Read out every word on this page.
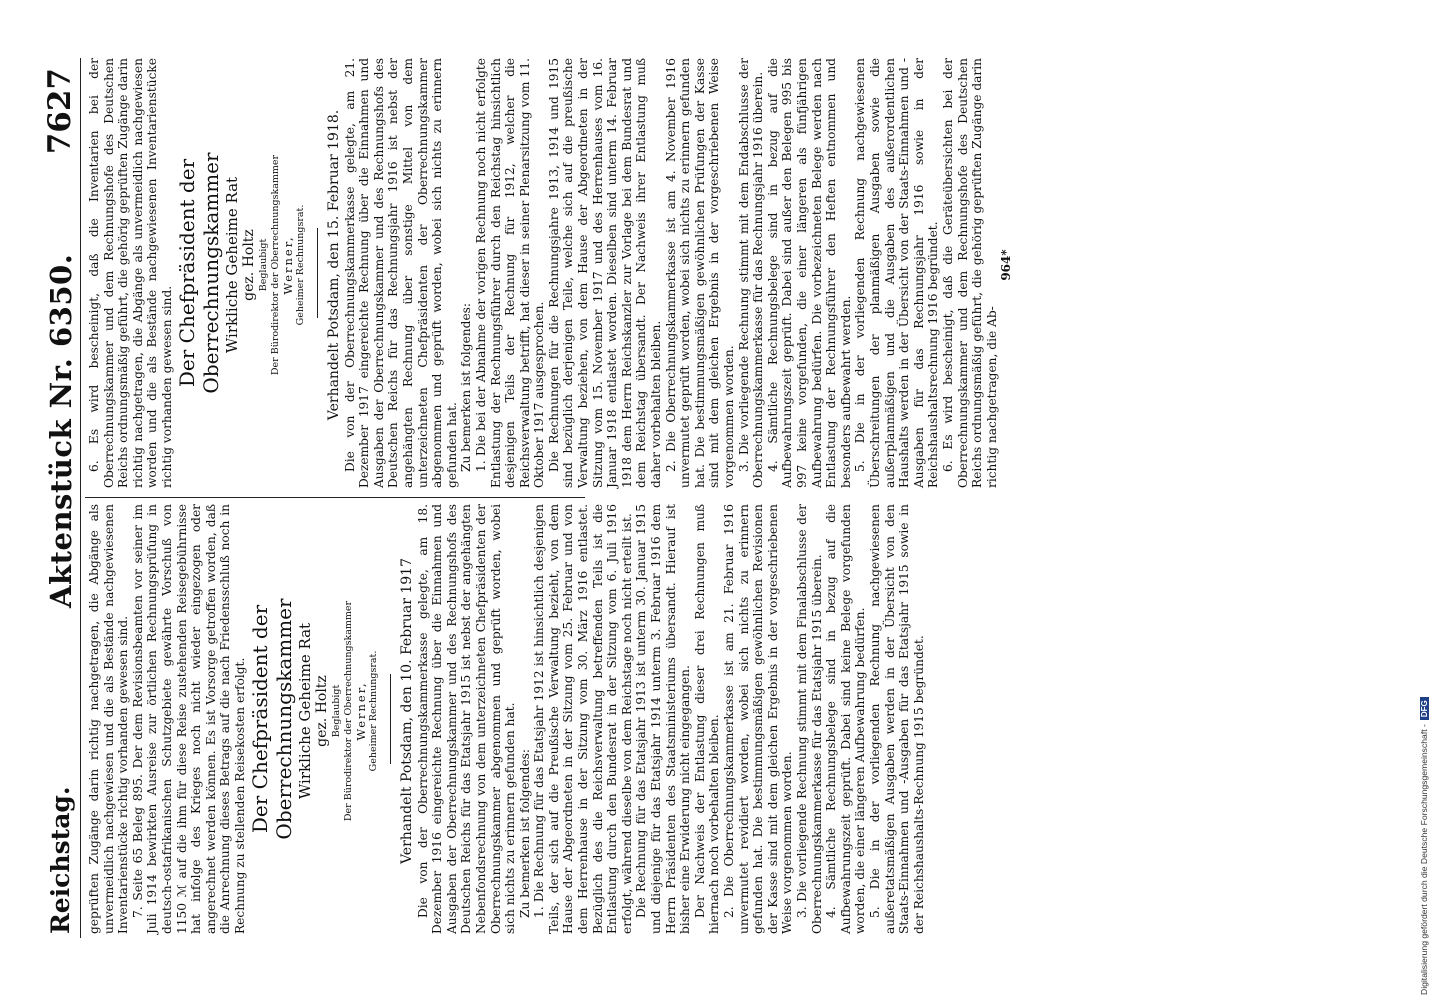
Reichstag.
Aktenstück Nr. 6350.
7627

geprüften Zugänge darin richtig nachgetragen, die Abgänge als unvermeidlich nachgewiesen und die als Bestände nachgewiesenen Inventarienstücke richtig vorhanden gewesen sind. 7. Seite 65 Beleg 895. Der dem Revisionsbeamten vor seiner im Juli 1914 bewirkten Ausreise zur örtlichen Rechnungsprüfung in deutsch-ostafrikanischen Schutzgebiete gewährte Vorschuß von 1150 ℳ auf die ihm für diese Reise zustehenden Reisegebührnisse hat infolge des Krieges noch nicht wieder eingezogen oder angerechnet werden können. Es ist Vorsorge getroffen worden, daß die Anrechnung dieses Betrags auf die nach Friedensschluß noch in Rechnung zu stellenden Reisekosten erfolgt. Der Chefpräsident der Oberrechnungskammer Wirkliche Geheime Rat gez. Holtz Beglaubigt Der Bürodirektor der Oberrechnungskammer Werner, Geheimer Rechnungsrat. Verhandelt Potsdam, den 10. Februar 1917 Die von der Oberrechnungskammerkasse gelegte, am 18. Dezember 1916 eingereichte Rechnung über die Einnahmen und Ausgaben der Oberrechnungskammer und des Rechnungshofs des Deutschen Reichs für das Etatsjahr 1915 ist nebst der angehängten Nebenfondsrechnung von dem unterzeichneten Chefpräsidenten der Oberrechnungskammer abgenommen und geprüft worden, wobei sich nichts zu erinnern gefunden hat. Zu bemerken ist folgendes: 1. Die Rechnung für das Etatsjahr 1912 ist hinsichtlich desjenigen Teils, der sich auf die Preußische Verwaltung bezieht, von dem Hause der Abgeordneten in der Sitzung vom 25. Februar und von dem Herrenhause in der Sitzung vom 30. März 1916 entlastet. Bezüglich des die Reichsverwaltung betreffenden Teils ist die Entlastung durch den Bundesrat in der Sitzung vom 6. Juli 1916 erfolgt, während dieselbe von dem Reichstage noch nicht erteilt ist. Die Rechnung für das Etatsjahr 1913 ist unterm 30. Januar 1915 und diejenige für das Etatsjahr 1914 unterm 3. Februar 1916 dem Herrn Präsidenten des Staatsministeriums übersandt. Hierauf ist bisher eine Erwiderung nicht eingegangen. Der Nachweis der Entlastung dieser drei Rechnungen muß hiernach noch vorbehalten bleiben. 2. Die Oberrechnungskammerkasse ist am 21. Februar 1916 unvermutet revidiert worden, wobei sich nichts zu erinnern gefunden hat. Die bestimmungsmäßigen gewöhnlichen Revisionen der Kasse sind mit dem gleichen Ergebnis in der vorgeschriebenen Weise vorgenommen worden. 3. Die vorliegende Rechnung stimmt mit dem Finalabschlusse der Oberrechnungskammerkasse für das Etatsjahr 1915 überein. 4. Sämtliche Rechnungsbelege sind in bezug auf die Aufbewahrungszeit geprüft. Dabei sind keine Belege vorgefunden worden, die einer längeren Aufbewahrung bedürfen. 5. Die in der vorliegenden Rechnung nachgewiesenen außeretatsmäßigen Ausgaben werden in der Übersicht von den Staats-Einnahmen und -Ausgaben für das Etatsjahr 1915 sowie in der Reichshaushalts-Rechnung 1915 begründet.

6. Es wird bescheinigt, daß die Inventarien bei der Oberrechnungskammer und dem Rechnungshofe des Deutschen Reichs ordnungsmäßig geführt, die gehörig geprüften Zugänge darin richtig nachgetragen, die Abgänge als unvermeidlich nachgewiesen worden und die als Bestände nachgewiesenen Inventarienstücke richtig vorhanden gewesen sind. Der Chefpräsident der Oberrechnungskammer Wirkliche Geheime Rat gez. Holtz Beglaubigt Der Bürodirektor der Oberrechnungskammer Werner, Geheimer Rechnungsrat. Verhandelt Potsdam, den 15. Februar 1918. Die von der Oberrechnungskammerkasse gelegte, am 21. Dezember 1917 eingereichte Rechnung über die Einnahmen und Ausgaben der Oberrechnungskammer und des Rechnungshofs des Deutschen Reichs für das Rechnungsjahr 1916 ist nebst der angehängten Rechnung über sonstige Mittel von dem unterzeichneten Chefpräsidenten der Oberrechnungskammer abgenommen und geprüft worden, wobei sich nichts zu erinnern gefunden hat. Zu bemerken ist folgendes: 1. Die bei der Abnahme der vorigen Rechnung noch nicht erfolgte Entlastung der Rechnungsführer durch den Reichstag hinsichtlich desjenigen Teils der Rechnung für 1912, welcher die Reichsverwaltung betrifft, hat dieser in seiner Plenarsitzung vom 11. Oktober 1917 ausgesprochen. Die Rechnungen für die Rechnungsjahre 1913, 1914 und 1915 sind bezüglich derjenigen Teile, welche sich auf die preußische Verwaltung beziehen, von dem Hause der Abgeordneten in der Sitzung vom 15. November 1917 und des Herrenhauses vom 16. Januar 1918 entlastet worden. Dieselben sind unterm 14. Februar 1918 dem Herrn Reichskanzler zur Vorlage bei dem Bundesrat und dem Reichstag übersandt. Der Nachweis ihrer Entlastung muß daher vorbehalten bleiben. 2. Die Oberrechnungskammerkasse ist am 4. November 1916 unvermutet geprüft worden, wobei sich nichts zu erinnern gefunden hat. Die bestimmungsmäßigen gewöhnlichen Prüfungen der Kasse sind mit dem gleichen Ergebnis in der vorgeschriebenen Weise vorgenommen worden. 3. Die vorliegende Rechnung stimmt mit dem Endabschlusse der Oberrechnungskammerkasse für das Rechnungsjahr 1916 überein. 4. Sämtliche Rechnungsbelege sind in bezug auf die Aufbewahrungszeit geprüft. Dabei sind außer den Belegen 995 bis 997 keine vorgefunden, die einer längeren als fünfjährigen Aufbewahrung bedürfen. Die vorbezeichneten Belege werden nach Entlastung der Rechnungsführer den Heften entnommen und besonders aufbewahrt werden. 5. Die in der vorliegenden Rechnung nachgewiesenen Überschreitungen der planmäßigen Ausgaben sowie die außerplanmäßigen und die Ausgaben des außerordentlichen Haushalts werden in der Übersicht von der Staats-Einnahmen und -Ausgaben für das Rechnungsjahr 1916 sowie in der Reichshaushaltsrechnung 1916 begründet. 6. Es wird bescheinigt, daß die Geräteübersichten bei der Oberrechnungskammer und dem Rechnungshofe des Deutschen Reichs ordnungsmäßig geführt, die gehörig geprüften Zugänge darin richtig nachgetragen, die Ab-

964*

Digitalisierung gefördert durch die Deutsche Forschungsgemeinschaft -
DFG
